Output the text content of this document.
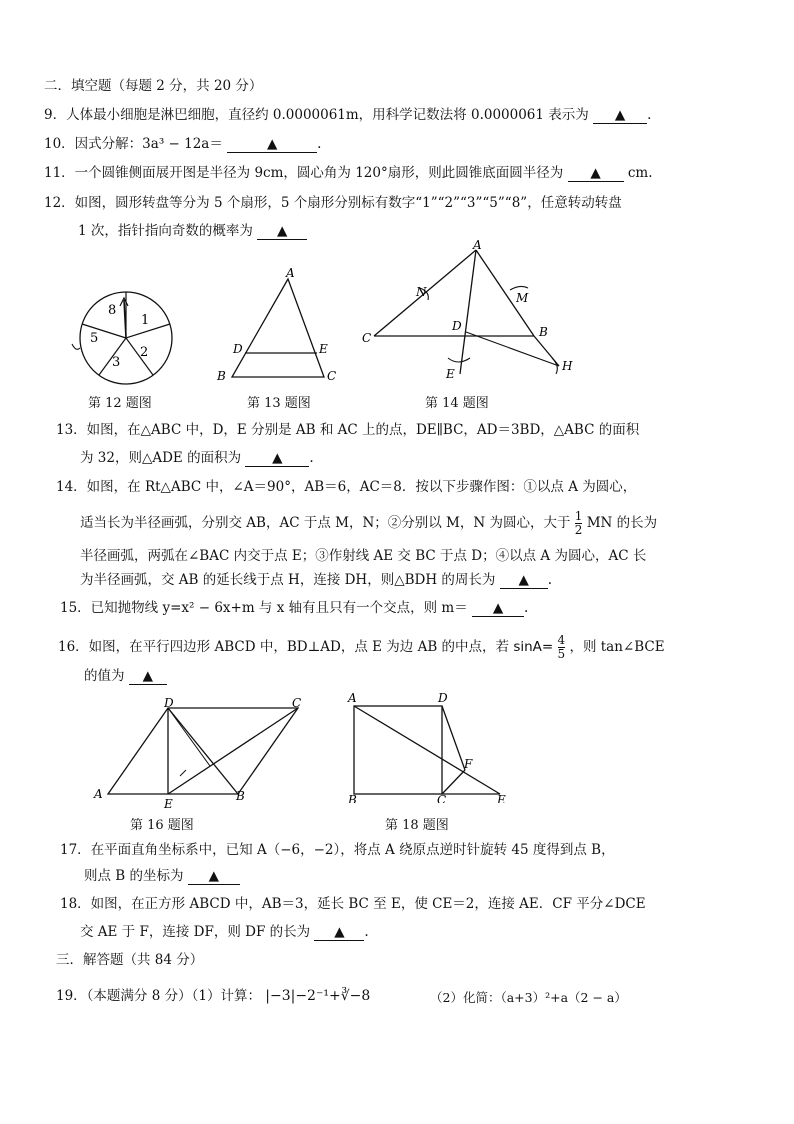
二．填空题（每题 2 分，共 20 分）
9．人体最小细胞是淋巴细胞，直径约 0.0000061m，用科学记数法将 0.0000061 表示为 ▲ .
10．因式分解：3a³ − 12a＝	▲	.
11．一个圆锥侧面展开图是半径为 9cm，圆心角为 120°扇形，则此圆锥底面圆半径为 ▲ cm.
12．如图，圆形转盘等分为 5 个扇形，5 个扇形分别标有数字“1”“2”“3”“5”“8”，任意转动转盘
1 次，指针指向奇数的概率为 ▲
1
2
3
5
8
第 12 题图
A
D	E
B	C
第 13 题图
A
N	M
D	B
C
E
H
第 14 题图
13．如图，在△ABC 中，D，E 分别是 AB 和 AC 上的点，DE∥BC，AD＝3BD，△ABC 的面积
为 32，则△ADE 的面积为 ▲ .
14．如图，在 Rt△ABC 中，∠A＝90°，AB＝6，AC＝8．按以下步骤作图：①以点 A 为圆心，
适当长为半径画弧，分别交 AB，AC 于点 M，N；②分别以 M，N 为圆心，大于 $\frac{1}{2}$ MN 的长为
半径画弧，两弧在∠BAC 内交于点 E；③作射线 AE 交 BC 于点 D；④以点 A 为圆心，AC 长
为半径画弧，交 AB 的延长线于点 H，连接 DH，则△BDH 的周长为 ▲ .
15．已知抛物线 y=x² − 6x+m 与 x 轴有且只有一个交点，则 m＝ ▲ .
16．如图，在平行四边形 ABCD 中，BD⊥AD，点 E 为边 AB 的中点，若 $\sin A= \frac{4}{5}$ ，则 tan∠BCE
的值为 ▲
D	C
A
E
B
第 16 题图
A	D
F
B	C	E
第 18 题图
17．在平面直角坐标系中，已知 A（−6，−2），将点 A 绕原点逆时针旋转 45 度得到点 B，
则点 B 的坐标为 ▲
18．如图，在正方形 ABCD 中，AB＝3，延长 BC 至 E，使 CE＝2，连接 AE．CF 平分∠DCE
交 AE 于 F，连接 DF，则 DF 的长为 ▲ .
三．解答题（共 84 分）
19．（本题满分 8 分）（1）计算： |−3|−2⁻¹+∛−8	（2）化简：（a+3）²+a（2 − a）
